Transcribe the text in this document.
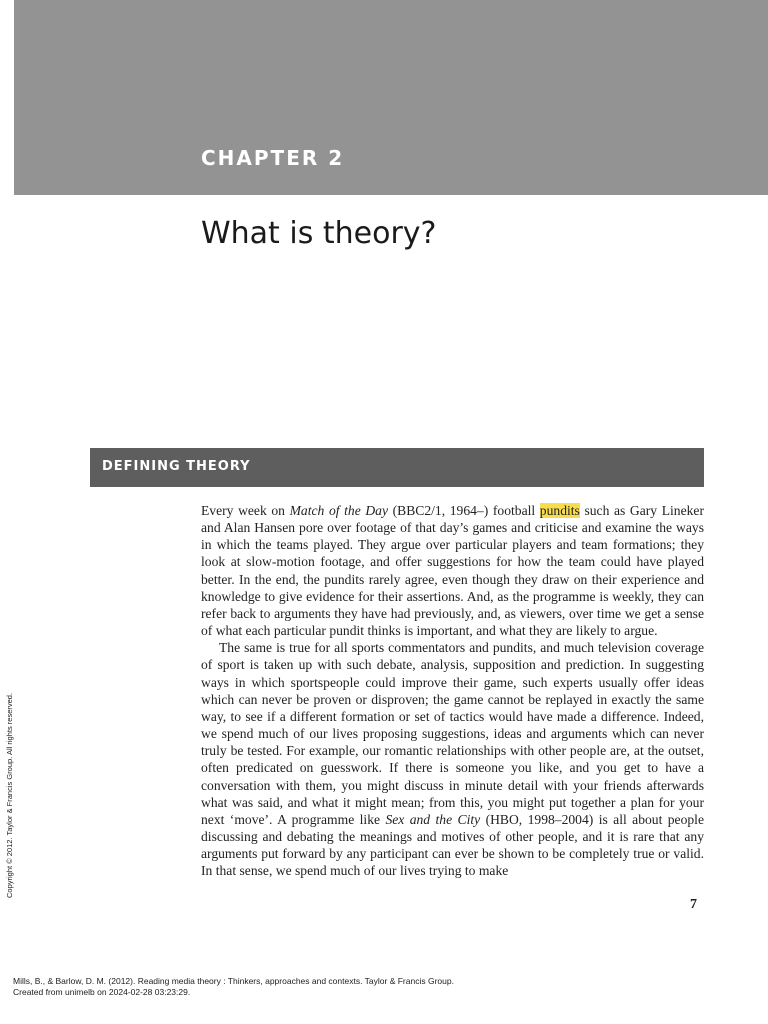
CHAPTER 2
What is theory?
DEFINING THEORY

Every week on Match of the Day (BBC2/1, 1964–) football pundits such as Gary Lineker and Alan Hansen pore over footage of that day’s games and criticise and examine the ways in which the teams played. They argue over particular players and team formations; they look at slow-motion footage, and offer suggestions for how the team could have played better. In the end, the pundits rarely agree, even though they draw on their experience and knowledge to give evidence for their assertions. And, as the programme is weekly, they can refer back to arguments they have had previously, and, as viewers, over time we get a sense of what each particular pundit thinks is important, and what they are likely to argue.

The same is true for all sports commentators and pundits, and much television coverage of sport is taken up with such debate, analysis, supposition and prediction. In suggesting ways in which sportspeople could improve their game, such experts usually offer ideas which can never be proven or disproven; the game cannot be replayed in exactly the same way, to see if a different formation or set of tactics would have made a difference. Indeed, we spend much of our lives proposing suggestions, ideas and arguments which can never truly be tested. For example, our romantic relationships with other people are, at the outset, often predicated on guesswork. If there is someone you like, and you get to have a conversation with them, you might discuss in minute detail with your friends afterwards what was said, and what it might mean; from this, you might put together a plan for your next ‘move’. A programme like Sex and the City (HBO, 1998–2004) is all about people discussing and debating the meanings and motives of other people, and it is rare that any arguments put forward by any participant can ever be shown to be completely true or valid. In that sense, we spend much of our lives trying to make

7
Copyright © 2012. Taylor & Francis Group. All rights reserved.
Mills, B., & Barlow, D. M. (2012). Reading media theory : Thinkers, approaches and contexts. Taylor & Francis Group.
Created from unimelb on 2024-02-28 03:23:29.
